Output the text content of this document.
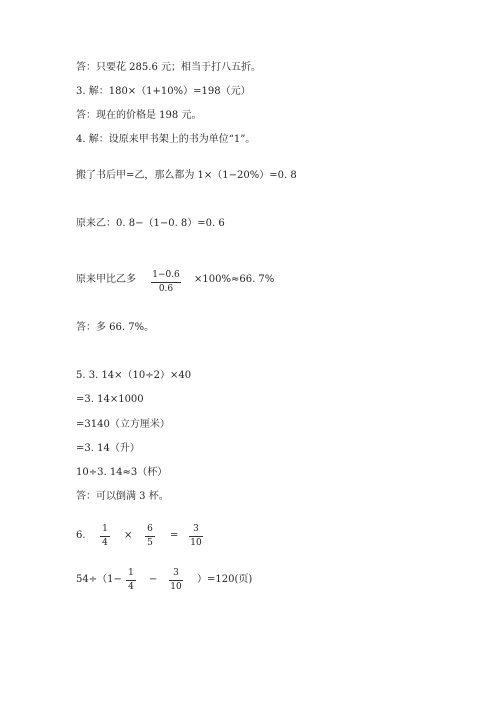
答：只要花 285.6 元；相当于打八五折。
3. 解：180×（1+10%）=198（元）
答：现在的价格是 198 元。
4. 解：设原来甲书架上的书为单位“1”。
搬了书后甲=乙，那么都为 1×（1−20%）=0. 8
原来乙：0. 8−（1−0. 8）=0. 6
原来甲比乙多 1−0.6
0.6
×100%≈66. 7%
答：多 66. 7%。
5. 3. 14×（10÷2）×40
=3. 14×1000
=3140（立方厘米）
=3. 14（升）
10÷3. 14≈3（杯）
答：可以倒满 3 杯。
6.
1
4
×
6
5
=
3
10
54÷（1−
1
4
−
3
10
）=120(页)
